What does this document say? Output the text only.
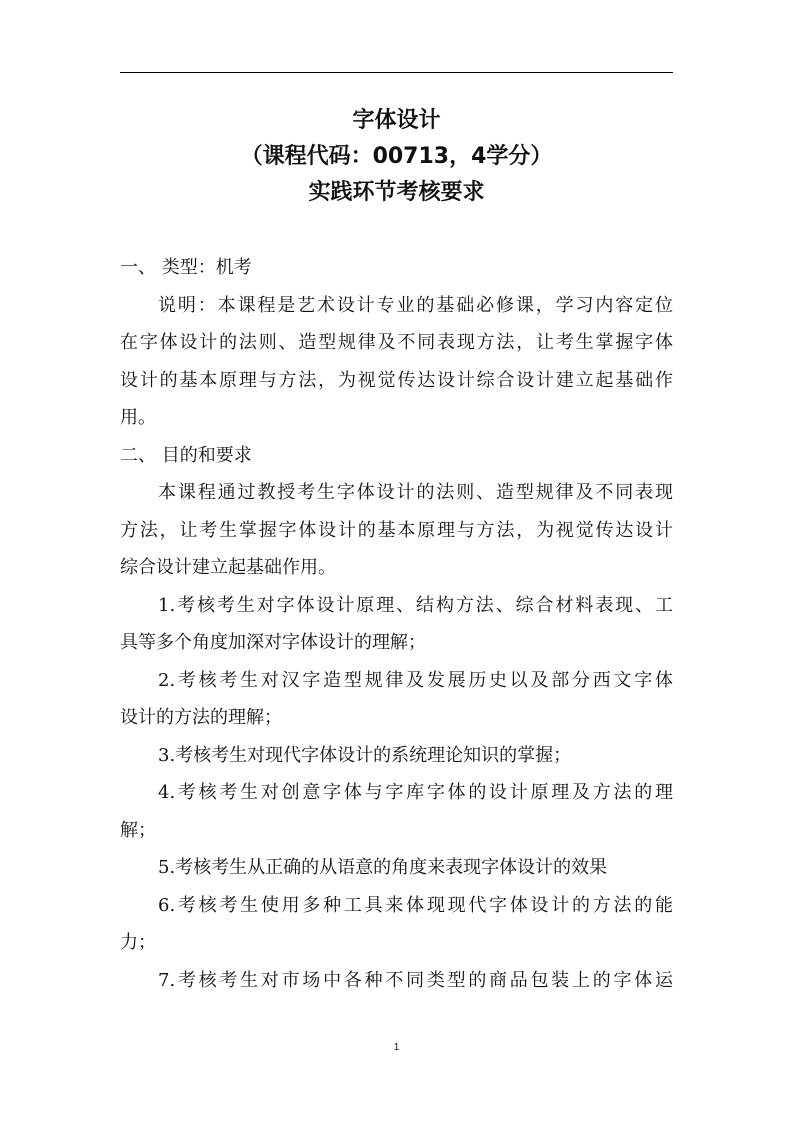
字体设计
（课程代码：00713，4学分）
实践环节考核要求
一、 类型：机考
说明：本课程是艺术设计专业的基础必修课，学习内容定位
在字体设计的法则、造型规律及不同表现方法，让考生掌握字体
设计的基本原理与方法，为视觉传达设计综合设计建立起基础作
用。
二、 目的和要求
本课程通过教授考生字体设计的法则、造型规律及不同表现
方法，让考生掌握字体设计的基本原理与方法，为视觉传达设计
综合设计建立起基础作用。
1.考核考生对字体设计原理、结构方法、综合材料表现、工
具等多个角度加深对字体设计的理解；
2.考核考生对汉字造型规律及发展历史以及部分西文字体
设计的方法的理解；
3.考核考生对现代字体设计的系统理论知识的掌握；
4.考核考生对创意字体与字库字体的设计原理及方法的理
解；
5.考核考生从正确的从语意的角度来表现字体设计的效果
6.考核考生使用多种工具来体现现代字体设计的方法的能
力；
7.考核考生对市场中各种不同类型的商品包装上的字体运
1
